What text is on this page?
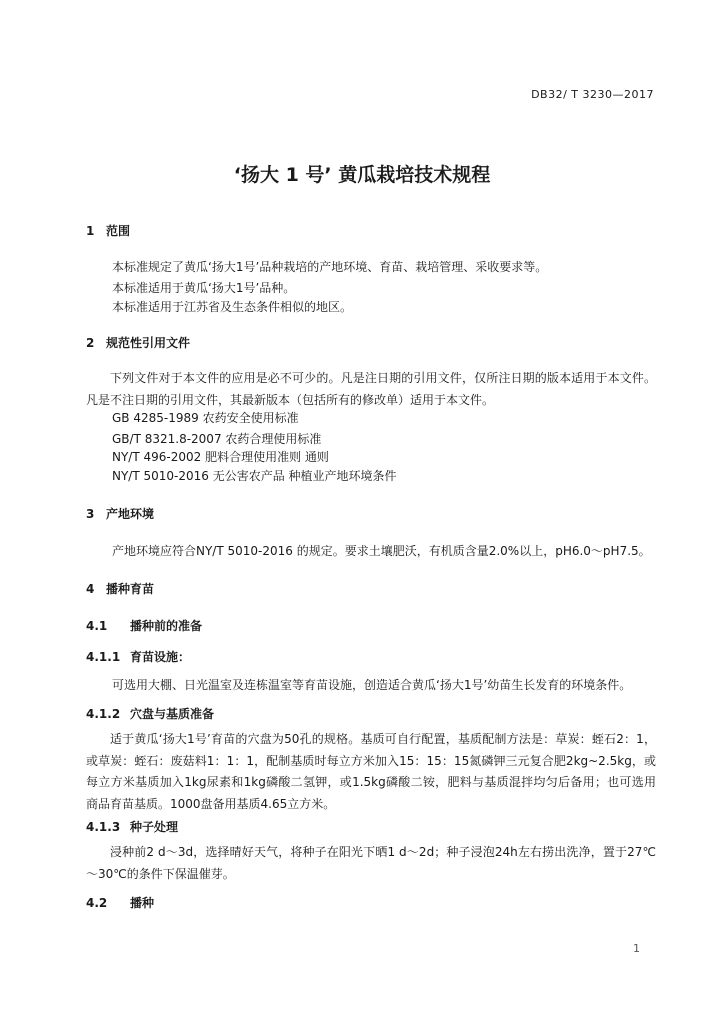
DB32/ T 3230—2017
‘扬大 1 号’ 黄瓜栽培技术规程
1 范围
本标准规定了黄瓜‘扬大1号’品种栽培的产地环境、育苗、栽培管理、采收要求等。
本标准适用于黄瓜‘扬大1号’品种。
本标准适用于江苏省及生态条件相似的地区。
2 规范性引用文件
下列文件对于本文件的应用是必不可少的。凡是注日期的引用文件，仅所注日期的版本适用于本文件。凡是不注日期的引用文件，其最新版本（包括所有的修改单）适用于本文件。
GB 4285-1989 农药安全使用标准
GB/T 8321.8-2007 农药合理使用标准
NY/T 496-2002 肥料合理使用准则 通则
NY/T 5010-2016 无公害农产品 种植业产地环境条件
3 产地环境
产地环境应符合NY/T 5010-2016 的规定。要求土壤肥沃，有机质含量2.0%以上，pH6.0～pH7.5。
4 播种育苗
4.1 播种前的准备
4.1.1 育苗设施：
可选用大棚、日光温室及连栋温室等育苗设施，创造适合黄瓜‘扬大1号’幼苗生长发育的环境条件。
4.1.2 穴盘与基质准备
适于黄瓜‘扬大1号’育苗的穴盘为50孔的规格。基质可自行配置，基质配制方法是：草炭：蛭石2：1，或草炭：蛭石：废菇料1：1：1，配制基质时每立方米加入15：15：15氮磷钾三元复合肥2kg~2.5kg，或每立方米基质加入1kg尿素和1kg磷酸二氢钾，或1.5kg磷酸二铵，肥料与基质混拌均匀后备用；也可选用商品育苗基质。1000盘备用基质4.65立方米。
4.1.3 种子处理
浸种前2 d～3d，选择晴好天气，将种子在阳光下晒1 d～2d；种子浸泡24h左右捞出洗净，置于27℃～30℃的条件下保温催芽。
4.2 播种
1
